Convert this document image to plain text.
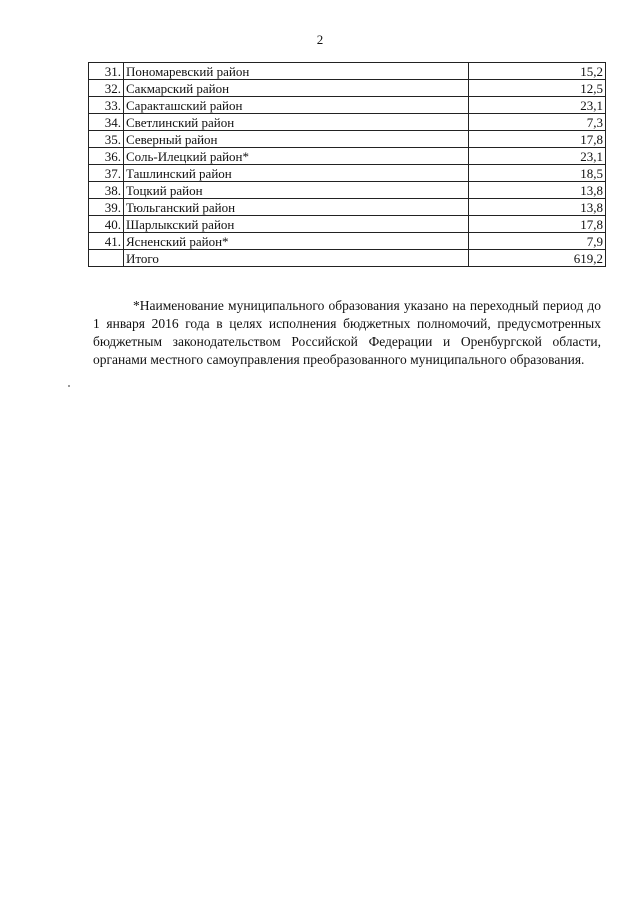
2
31.	Пономаревский район	15,2
32.	Сакмарский район	12,5
33.	Саракташский район	23,1
34.	Светлинский район	7,3
35.	Северный район	17,8
36.	Соль-Илецкий район*	23,1
37.	Ташлинский район	18,5
38.	Тоцкий район	13,8
39.	Тюльганский район	13,8
40.	Шарлыкский район	17,8
41.	Ясненский район*	7,9
	Итого	619,2

*Наименование муниципального образования указано на переходный период до 1 января 2016 года в целях исполнения бюджетных полномочий, предусмотренных бюджетным законодательством Российской Федерации и Оренбургской области, органами местного самоуправления преобразованного муниципального образования.
